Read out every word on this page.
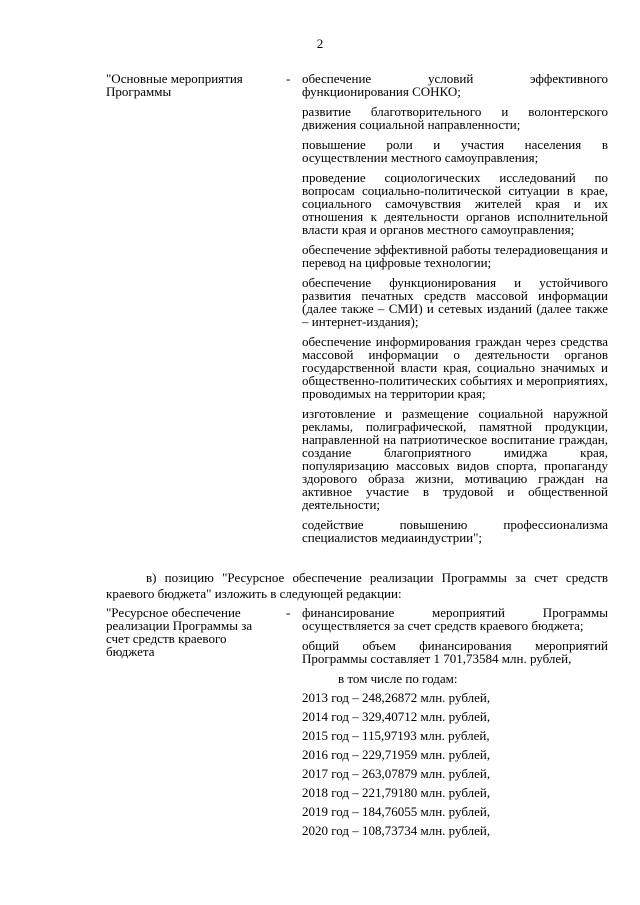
2
"Основные мероприятия Программы
- обеспечение условий эффективного функционирования СОНКО;

развитие благотворительного и волонтерского движения социальной направленности;

повышение роли и участия населения в осуществлении местного самоуправления;

проведение социологических исследований по вопросам социально-политической ситуации в крае, социального самочувствия жителей края и их отношения к деятельности органов исполнительной власти края и органов местного самоуправления;

обеспечение эффективной работы телерадиовещания и перевод на цифровые технологии;

обеспечение функционирования и устойчивого развития печатных средств массовой информации (далее также – СМИ) и сетевых изданий (далее также – интернет-издания);

обеспечение информирования граждан через средства массовой информации о деятельности органов государственной власти края, социально значимых и общественно-политических событиях и мероприятиях, проводимых на территории края;

изготовление и размещение социальной наружной рекламы, полиграфической, памятной продукции, направленной на патриотическое воспитание граждан, создание благоприятного имиджа края, популяризацию массовых видов спорта, пропаганду здорового образа жизни, мотивацию граждан на активное участие в трудовой и общественной деятельности;

содействие повышению профессионализма специалистов медиаиндустрии";

в) позицию "Ресурсное обеспечение реализации Программы за счет средств краевого бюджета" изложить в следующей редакции:
"Ресурсное обеспечение реализации Программы за счет средств краевого бюджета
- финансирование мероприятий Программы осуществляется за счет средств краевого бюджета;

общий объем финансирования мероприятий Программы составляет 1 701,73584 млн. рублей,

в том числе по годам:

2013 год – 248,26872 млн. рублей,

2014 год – 329,40712 млн. рублей,

2015 год – 115,97193 млн. рублей,

2016 год – 229,71959 млн. рублей,

2017 год – 263,07879 млн. рублей,

2018 год – 221,79180 млн. рублей,

2019 год – 184,76055 млн. рублей,

2020 год – 108,73734 млн. рублей,
